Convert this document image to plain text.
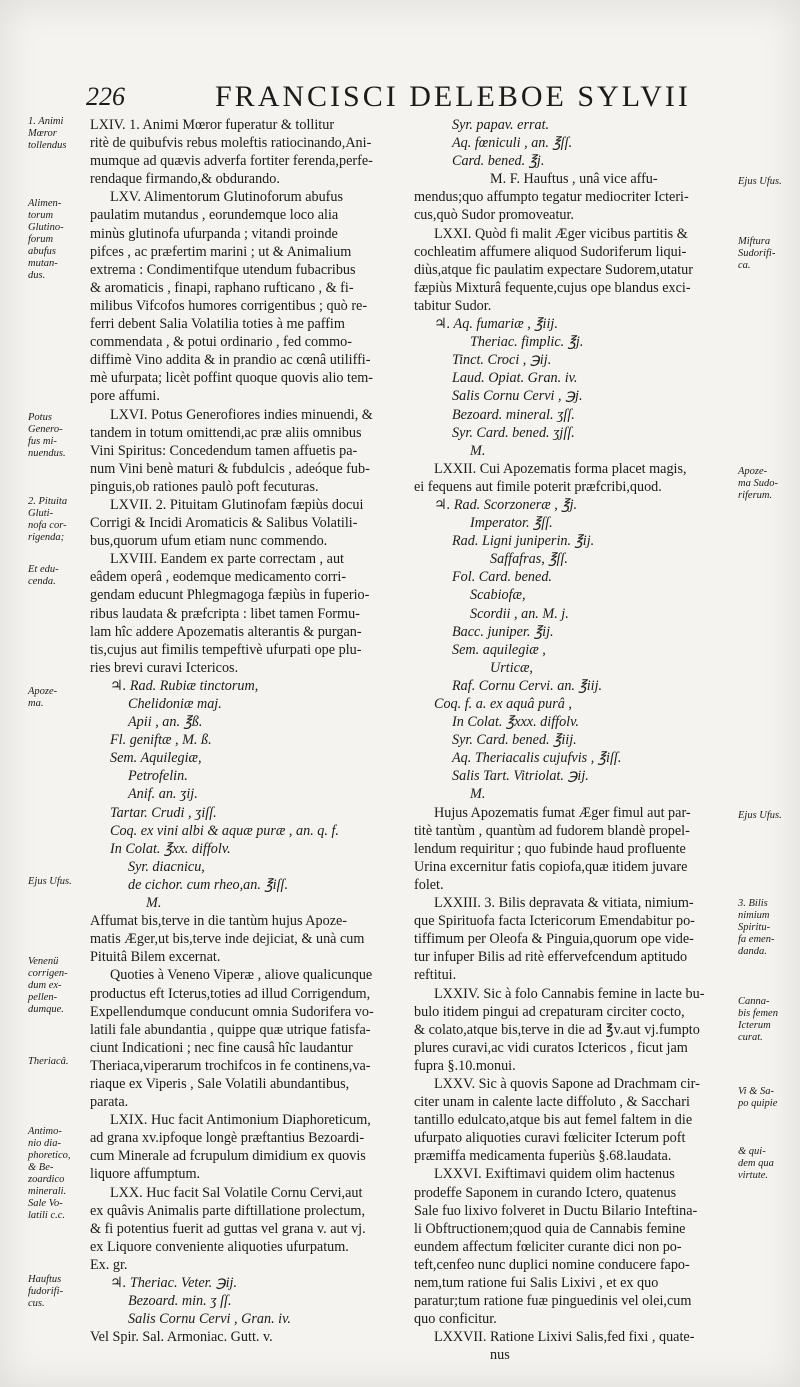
226	FRANCISCI DELEBOE SYLVII
1. Animi
Mœror
tollendus
Alimen-
torum
Glutino-
forum
abufus
mutan-
dus.
Potus
Genero-
fus mi-
nuendus.
2. Pituita
Gluti-
nofa cor-
rigenda;
Et edu-
cenda.
Apoze-
ma.
Ejus Ufus.
Venenü
corrigen-
dum ex-
pellen-
dumque.
Theriacâ.
Antimo-
nio dia-
phoretico,
& Be-
zoardico
minerali.
Sale Vo-
latili c.c.
Hauftus
fudorifi-
cus.
LXIV. 1. Animi Mœror fuperatur & tollitur
ritè de quibufvis rebus moleftis ratiocinando,Ani-
mumque ad quævis adverfa fortiter ferenda,perfe-
rendaque firmando,& obdurando.
LXV. Alimentorum Glutinoforum abufus
paulatim mutandus , eorundemque loco alia
minùs glutinofa ufurpanda ; vitandi proinde
pifces , ac præfertim marini ; ut & Animalium
extrema : Condimentifque utendum fubacribus
& aromaticis , finapi, raphano rufticano , & fi-
milibus Vifcofos humores corrigentibus ; quò re-
ferri debent Salia Volatilia toties à me paffim
commendata , & potui ordinario , fed commo-
diffimè Vino addita & in prandio ac cœnâ utiliffi-
mè ufurpata; licèt poffint quoque quovis alio tem-
pore affumi.
LXVI. Potus Generofiores indies minuendi, &
tandem in totum omittendi,ac præ aliis omnibus
Vini Spiritus: Concedendum tamen affuetis pa-
num Vini benè maturi & fubdulcis , adeóque fub-
pinguis,ob rationes paulò poft fecuturas.
LXVII. 2. Pituitam Glutinofam fæpiùs docui
Corrigi & Incidi Aromaticis & Salibus Volatili-
bus,quorum ufum etiam nunc commendo.
LXVIII. Eandem ex parte correctam , aut
eâdem operâ , eodemque medicamento corri-
gendam educunt Phlegmagoga fæpiùs in fuperio-
ribus laudata & præfcripta : libet tamen Formu-
lam hîc addere Apozematis alterantis & purgan-
tis,cujus aut fimilis tempeftivè ufurpati ope plu-
ries brevi curavi Ictericos.
♃. Rad. Rubiæ tinctorum,
Chelidoniæ maj.
Apii , an. ℥ß.
Fl. geniftæ , M. ß.
Sem. Aquilegiæ,
Petrofelin.
Anif. an. ʒij.
Tartar. Crudi , ʒiſſ.
Coq. ex vini albi & aquæ puræ , an. q. f.
In Colat. ℥xx. diffolv.
Syr. diacnicu,
de cichor. cum rheo,an. ℥iſſ.
M.
Affumat bis,terve in die tantùm hujus Apoze-
matis Æger,ut bis,terve inde dejiciat, & unà cum
Pituitâ Bilem excernat.
Quoties à Veneno Viperæ , aliove qualicunque
productus eft Icterus,toties ad illud Corrigendum,
Expellendumque conducunt omnia Sudorifera vo-
latili fale abundantia , quippe quæ utrique fatisfa-
ciunt Indicationi ; nec fine causâ hîc laudantur
Theriaca,viperarum trochifcos in fe continens,va-
riaque ex Viperis , Sale Volatili abundantibus,
parata.
LXIX. Huc facit Antimonium Diaphoreticum,
ad grana xv.ipfoque longè præftantius Bezoardi-
cum Minerale ad fcrupulum dimidium ex quovis
liquore affumptum.
LXX. Huc facit Sal Volatile Cornu Cervi,aut
ex quâvis Animalis parte diftillatione prolectum,
& fi potentius fuerit ad guttas vel grana v. aut vj.
ex Liquore conveniente aliquoties ufurpatum.
Ex. gr.
♃. Theriac. Veter. ℈ij.
Bezoard. min. ʒ ſſ.
Salis Cornu Cervi , Gran. iv.
Vel Spir. Sal. Armoniac. Gutt. v.
Syr. papav. errat.
Aq. fœniculi , an. ℥ſſ.
Card. bened. ℥j.
M. F. Hauftus , unâ vice affu-
mendus;quo affumpto tegatur mediocriter Icteri-
cus,quò Sudor promoveatur.
LXXI. Quòd fi malit Æger vicibus partitis &
cochleatim affumere aliquod Sudoriferum liqui-
diùs,atque fic paulatim expectare Sudorem,utatur
fæpiùs Mixturâ fequente,cujus ope blandus exci-
tabitur Sudor.
♃. Aq. fumariæ , ℥iij.
Theriac. fimplic. ℥j.
Tinct. Croci , ℈ij.
Laud. Opiat. Gran. iv.
Salis Cornu Cervi , ℈j.
Bezoard. mineral. ʒſſ.
Syr. Card. bened. ʒjſſ.
M.
LXXII. Cui Apozematis forma placet magis,
ei fequens aut fimile poterit præfcribi,quod.
♃. Rad. Scorzoneræ , ℥j.
Imperator. ℥ſſ.
Rad. Ligni juniperin. ℥ij.
Saffafras, ℥ſſ.
Fol. Card. bened.
Scabiofæ,
Scordii , an. M. j.
Bacc. juniper. ℥ij.
Sem. aquilegiæ ,
Urticæ,
Raf. Cornu Cervi. an. ℥iij.
Coq. f. a. ex aquâ purâ ,
In Colat. ℥xxx. diffolv.
Syr. Card. bened. ℥iij.
Aq. Theriacalis cujufvis , ℥iſſ.
Salis Tart. Vitriolat. ℈ij.
M.
Hujus Apozematis fumat Æger fimul aut par-
titè tantùm , quantùm ad fudorem blandè propel-
lendum requiritur ; quo fubinde haud profluente
Urina excernitur fatis copiofa,quæ itidem juvare
folet.
LXXIII. 3. Bilis depravata & vitiata, nimium-
que Spirituofa facta Ictericorum Emendabitur po-
tiffimum per Oleofa & Pinguia,quorum ope vide-
tur infuper Bilis ad ritè effervefcendum aptitudo
reftitui.
LXXIV. Sic à folo Cannabis femine in lacte bu-
bulo itidem pingui ad crepaturam circiter cocto,
& colato,atque bis,terve in die ad ℥v.aut vj.fumpto
plures curavi,ac vidi curatos Ictericos , ficut jam
fupra §.10.monui.
LXXV. Sic à quovis Sapone ad Drachmam cir-
citer unam in calente lacte diffoluto , & Sacchari
tantillo edulcato,atque bis aut femel faltem in die
ufurpato aliquoties curavi fœliciter Icterum poft
præmiffa medicamenta fuperiùs §.68.laudata.
LXXVI. Exiftimavi quidem olim hactenus
prodeffe Saponem in curando Ictero, quatenus
Sale fuo lixivo folveret in Ductu Bilario Inteftina-
li Obftructionem;quod quia de Cannabis femine
eundem affectum fœliciter curante dici non po-
teft,cenfeo nunc duplici nomine conducere fapo-
nem,tum ratione fui Salis Lixivi , et ex quo
paratur;tum ratione fuæ pinguedinis vel olei,cum
quo conficitur.
LXXVII. Ratione Lixivi Salis,fed fixi , quate-
nus
Ejus Ufus.
Miftura
Sudorifi-
ca.
Apoze-
ma Sudo-
riferum.
Ejus Ufus.
3. Bilis
nimium
Spiritu-
fa emen-
danda.
Canna-
bis femen
Icterum
curat.
Vi & Sa-
po quipie
& qui-
dem qua
virtute.
